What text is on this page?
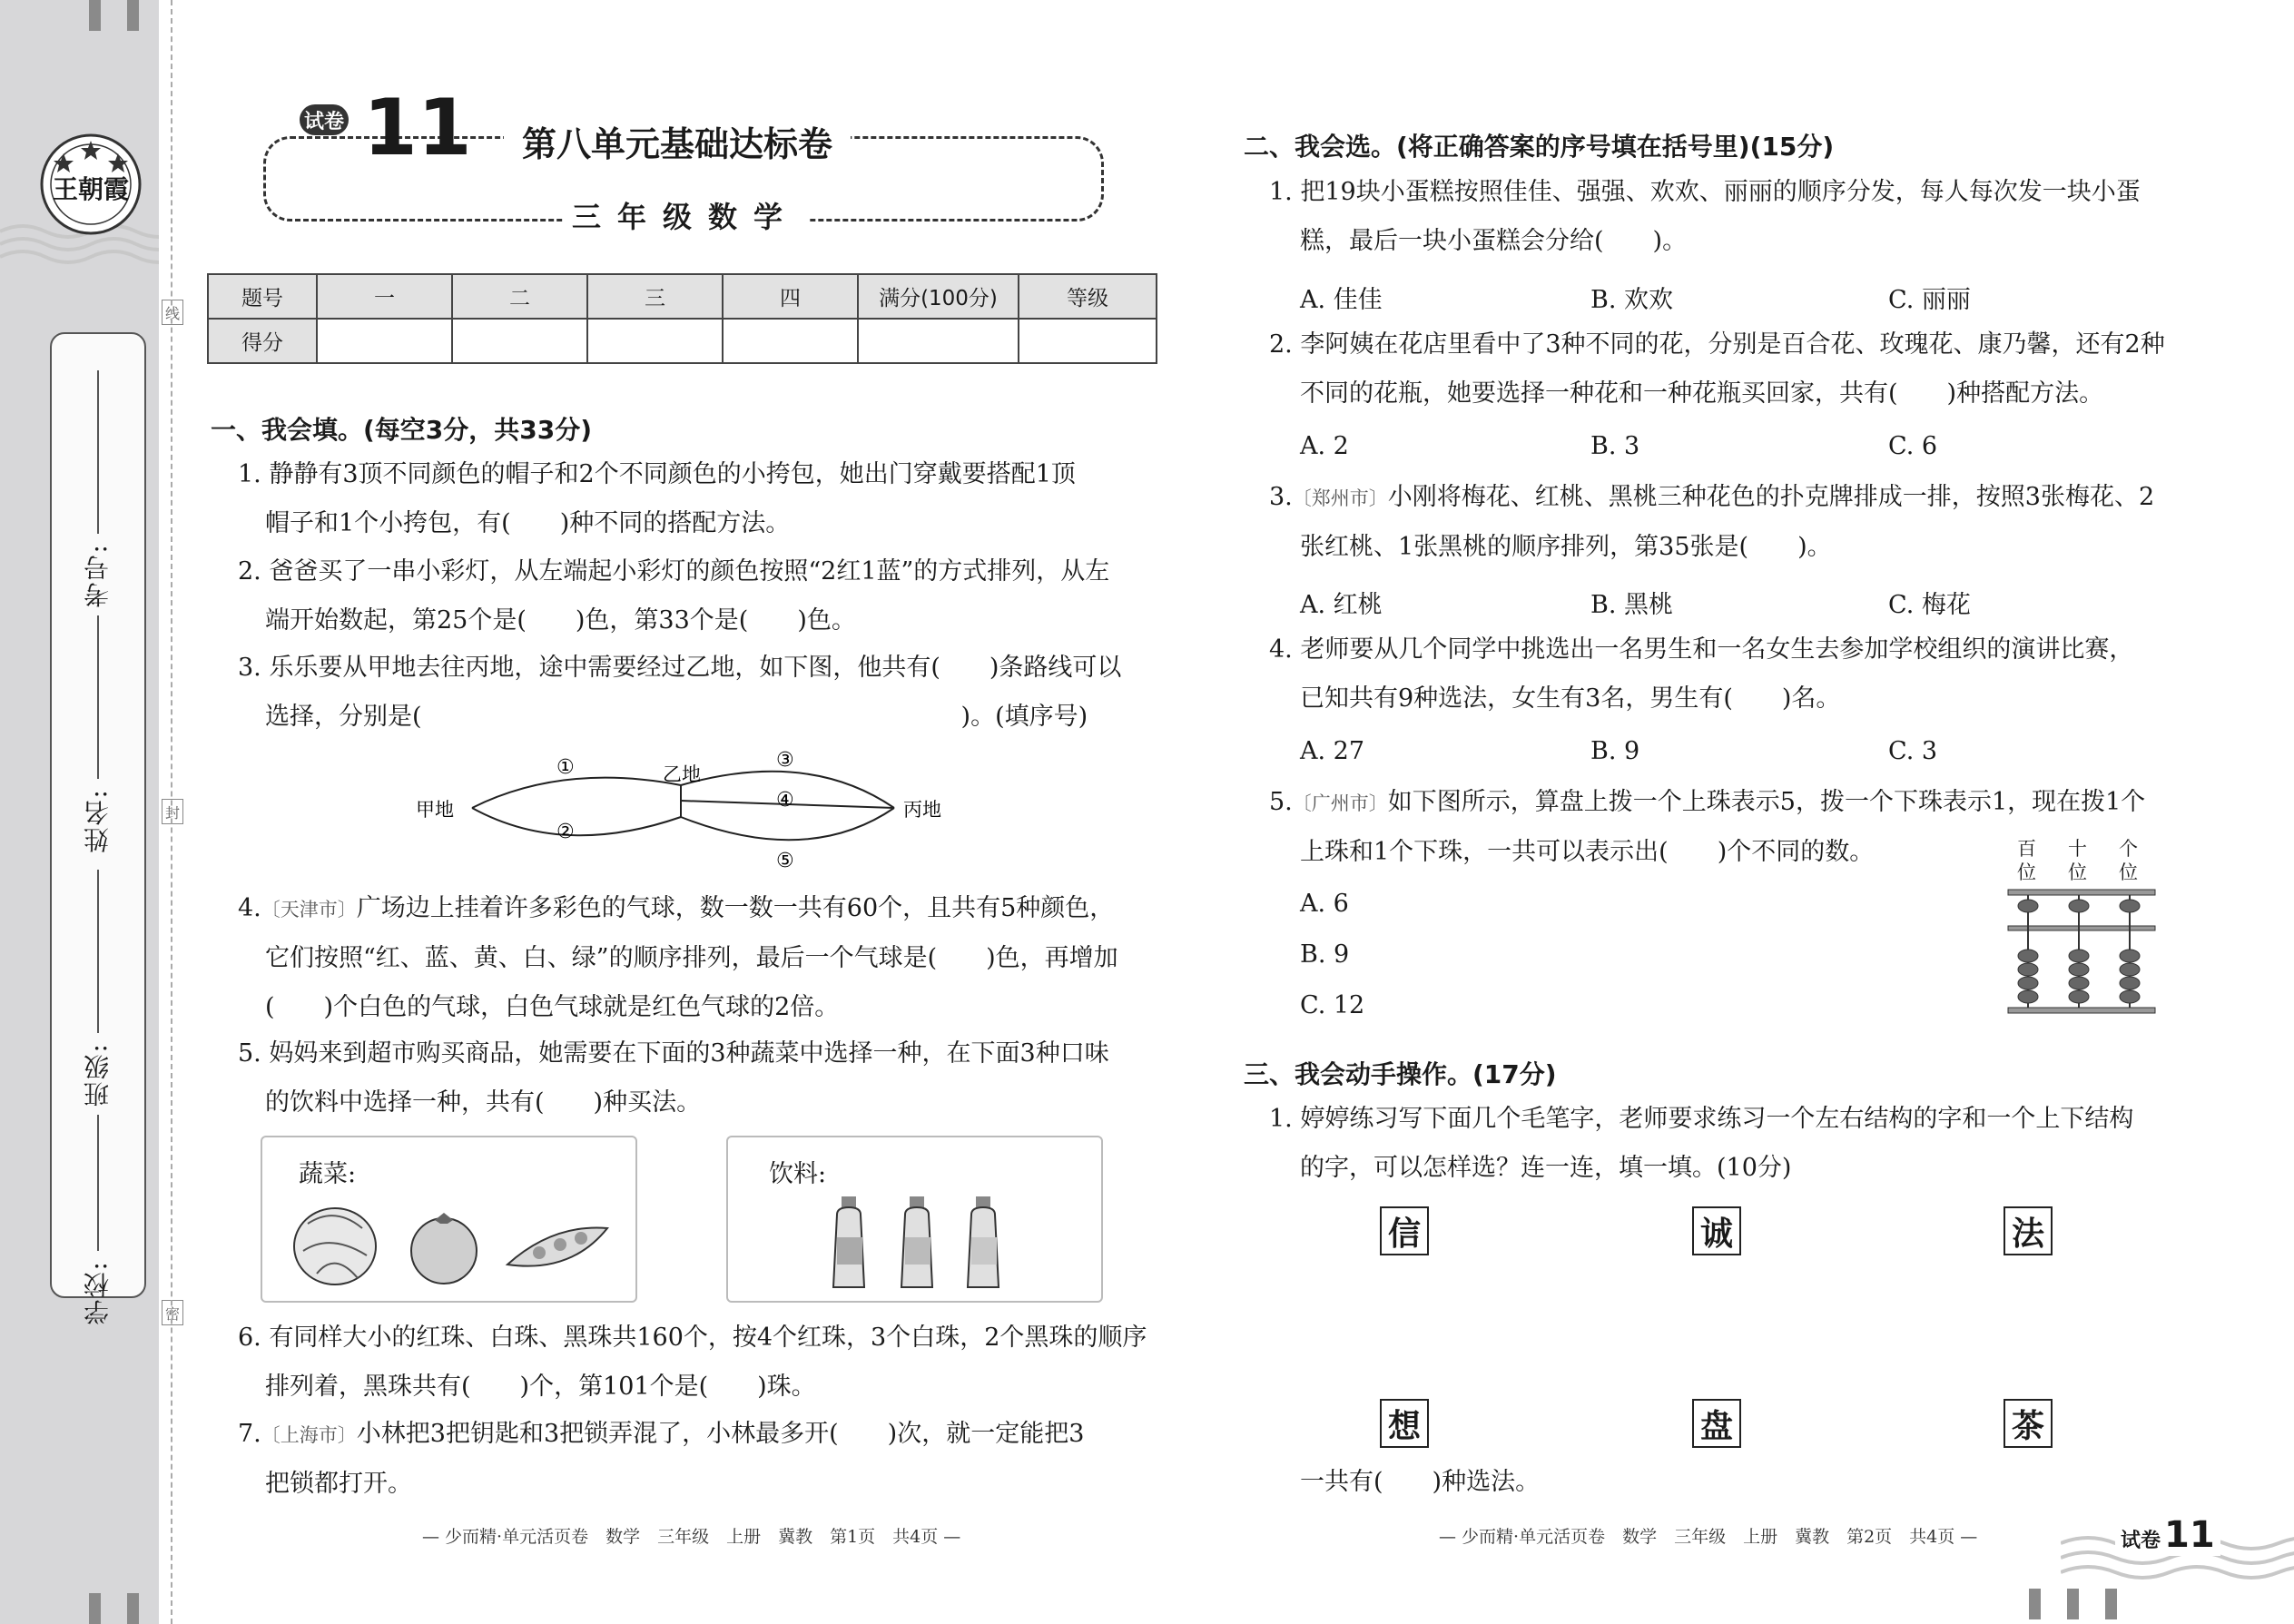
王朝霞
考号:
姓名:
班级:
学校:
线
封
密
试卷 11	第八单元基础达标卷
三年级数学
题号	一	二	三	四	满分(100分)	等级
得分						
一、我会填。(每空3分，共33分)
1. 静静有3顶不同颜色的帽子和2个不同颜色的小挎包，她出门穿戴要搭配1顶
帽子和1个小挎包，有(　　)种不同的搭配方法。
2. 爸爸买了一串小彩灯，从左端起小彩灯的颜色按照“2红1蓝”的方式排列，从左
端开始数起，第25个是(　　)色，第33个是(　　)色。
3. 乐乐要从甲地去往丙地，途中需要经过乙地，如下图，他共有(　　)条路线可以
选择，分别是(　　　　　　　　　　　　　　　　　　　　　　)。(填序号)
甲地
乙地
丙地
①
②
③
④
⑤
4.〔天津市〕广场边上挂着许多彩色的气球，数一数一共有60个，且共有5种颜色，
它们按照“红、蓝、黄、白、绿”的顺序排列，最后一个气球是(　　)色，再增加
(　　)个白色的气球，白色气球就是红色气球的2倍。
5. 妈妈来到超市购买商品，她需要在下面的3种蔬菜中选择一种，在下面3种口味
的饮料中选择一种，共有(　　)种买法。
蔬菜:	饮料:
6. 有同样大小的红珠、白珠、黑珠共160个，按4个红珠，3个白珠，2个黑珠的顺序
排列着，黑珠共有(　　)个，第101个是(　　)珠。
7.〔上海市〕小林把3把钥匙和3把锁弄混了，小林最多开(　　)次，就一定能把3
把锁都打开。
— 少而精·单元活页卷　数学　三年级　上册　冀教　第1页　共4页 —
二、我会选。(将正确答案的序号填在括号里)(15分)
1. 把19块小蛋糕按照佳佳、强强、欢欢、丽丽的顺序分发，每人每次发一块小蛋
糕，最后一块小蛋糕会分给(　　)。
A. 佳佳	B. 欢欢	C. 丽丽
2. 李阿姨在花店里看中了3种不同的花，分别是百合花、玫瑰花、康乃馨，还有2种
不同的花瓶，她要选择一种花和一种花瓶买回家，共有(　　)种搭配方法。
A. 2	B. 3	C. 6
3.〔郑州市〕小刚将梅花、红桃、黑桃三种花色的扑克牌排成一排，按照3张梅花、2
张红桃、1张黑桃的顺序排列，第35张是(　　)。
A. 红桃	B. 黑桃	C. 梅花
4. 老师要从几个同学中挑选出一名男生和一名女生去参加学校组织的演讲比赛，
已知共有9种选法，女生有3名，男生有(　　)名。
A. 27	B. 9	C. 3
5.〔广州市〕如下图所示，算盘上拨一个上珠表示5，拨一个下珠表示1，现在拨1个
上珠和1个下珠，一共可以表示出(　　)个不同的数。
A. 6
B. 9
C. 12
百
位
十
位
个
位
三、我会动手操作。(17分)
1. 婷婷练习写下面几个毛笔字，老师要求练习一个左右结构的字和一个上下结构
的字，可以怎样选？连一连，填一填。(10分)
信	诚	法
想	盘	茶
一共有(　　)种选法。
— 少而精·单元活页卷　数学　三年级　上册　冀教　第2页　共4页 —	试卷 11
